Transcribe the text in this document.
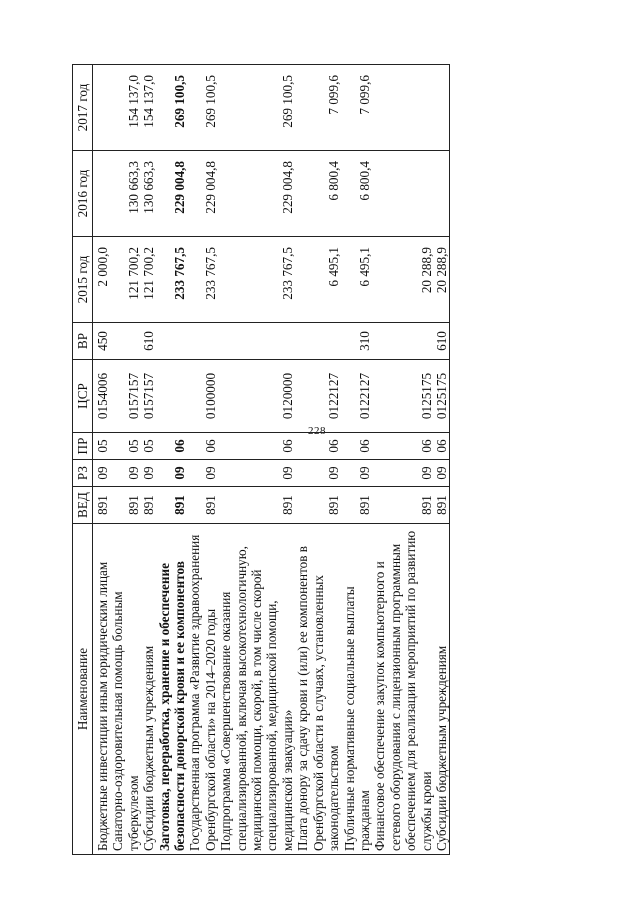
228
Наименование	ВЕД	РЗ	ПР	ЦСР	ВР	2015 год	2016 год	2017 год
Бюджетные инвестиции иным юридическим лицам	891	09	05	0154006	450	2 000,0		
Санаторно-оздоровительная помощь больным туберкулезом	891	09	05	0157157		121 700,2	130 663,3	154 137,0
Субсидии бюджетным учреждениям	891	09	05	0157157	610	121 700,2	130 663,3	154 137,0
Заготовка, переработка, хранение и обеспечение безопасности донорской крови и ее компонентов	891	09	06			233 767,5	229 004,8	269 100,5
Государственная программа «Развитие здравоохранения Оренбургской области» на 2014–2020 годы	891	09	06	0100000		233 767,5	229 004,8	269 100,5
Подпрограмма «Совершенствование оказания специализированной, включая высокотехнологичную, медицинской помощи, скорой, в том числе скорой специализированной, медицинской помощи, медицинской эвакуации»	891	09	06	0120000		233 767,5	229 004,8	269 100,5
Плата донору за сдачу крови и (или) ее компонентов в Оренбургской области в случаях, установленных законодательством	891	09	06	0122127		6 495,1	6 800,4	7 099,6
Публичные нормативные социальные выплаты гражданам	891	09	06	0122127	310	6 495,1	6 800,4	7 099,6
Финансовое обеспечение закупок компьютерного и сетевого оборудования с лицензионным программным обеспечением для реализации мероприятий по развитию службы крови	891	09	06	0125175		20 288,9		
Субсидии бюджетным учреждениям	891	09	06	0125175	610	20 288,9		
